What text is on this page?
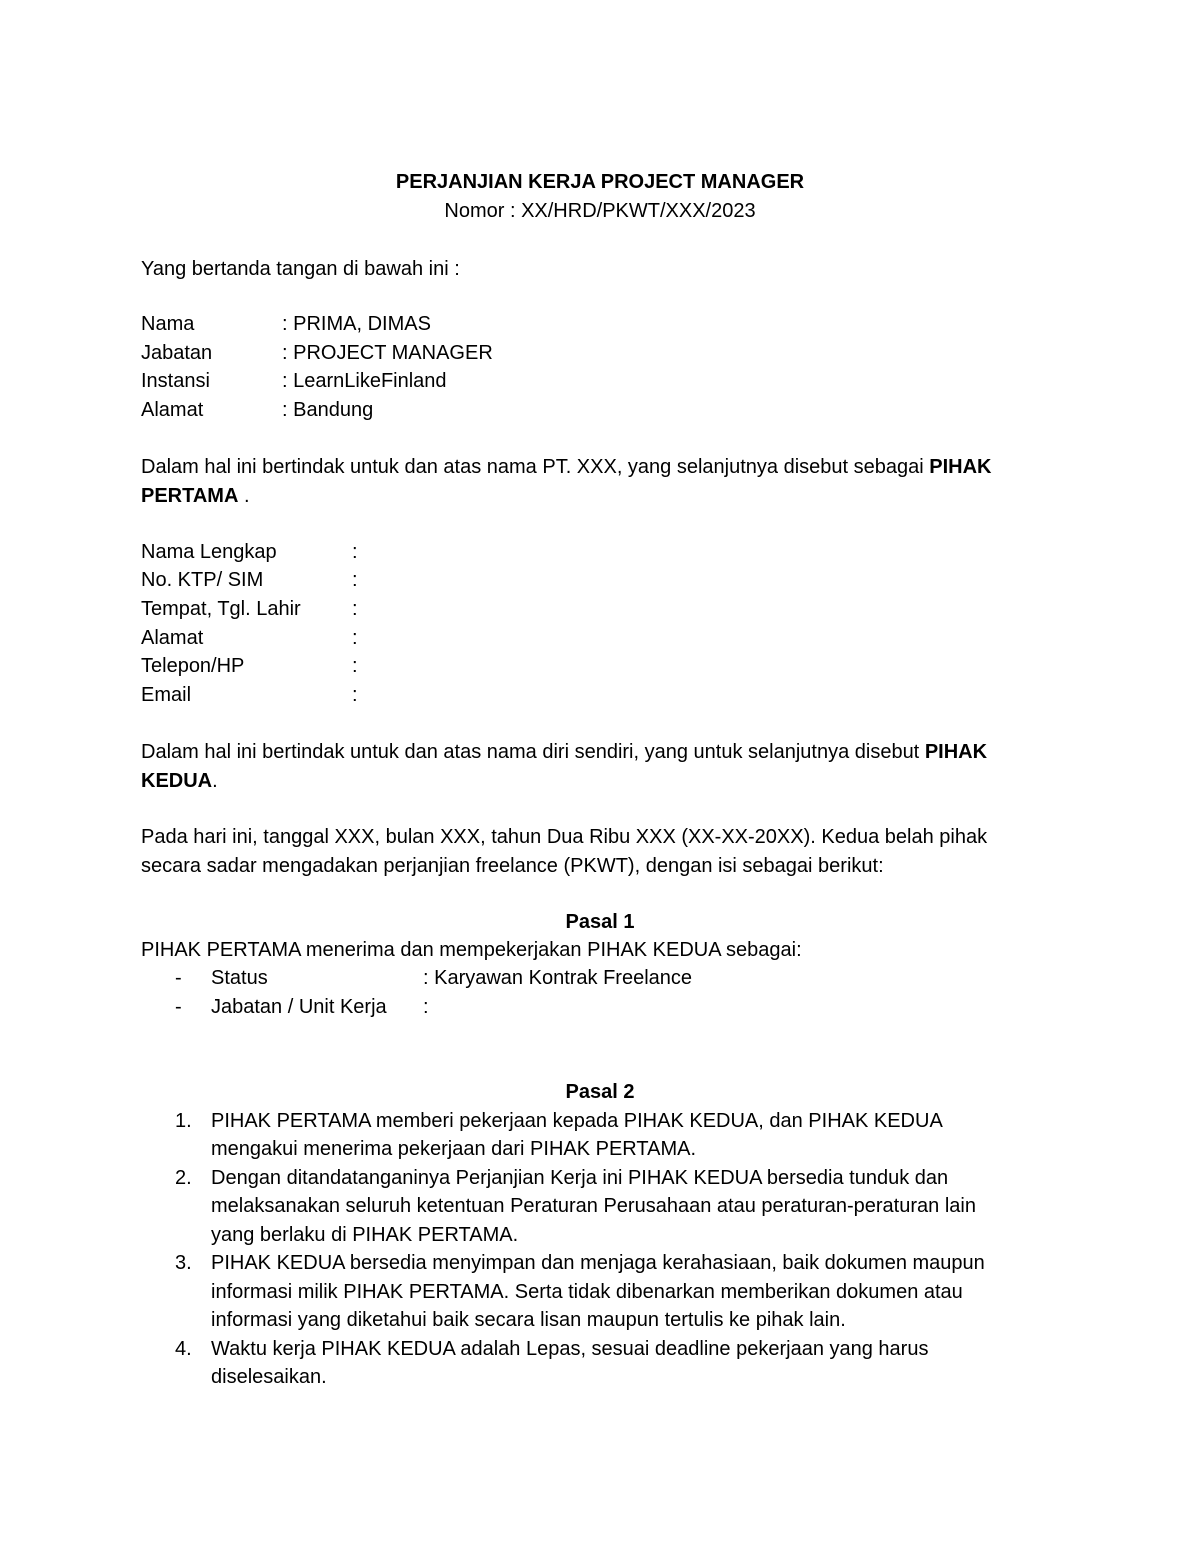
PERJANJIAN KERJA PROJECT MANAGER
Nomor : XX/HRD/PKWT/XXX/2023
Yang bertanda tangan di bawah ini :
Nama	: PRIMA, DIMAS
Jabatan	: PROJECT MANAGER
Instansi	: LearnLikeFinland
Alamat	: Bandung
Dalam hal ini bertindak untuk dan atas nama PT. XXX, yang selanjutnya disebut sebagai PIHAK
PERTAMA .
Nama Lengkap	:
No. KTP/ SIM	:
Tempat, Tgl. Lahir	:
Alamat	:
Telepon/HP	:
Email	:
Dalam hal ini bertindak untuk dan atas nama diri sendiri, yang untuk selanjutnya disebut PIHAK
KEDUA.
Pada hari ini, tanggal XXX, bulan XXX, tahun Dua Ribu XXX (XX-XX-20XX). Kedua belah pihak
secara sadar mengadakan perjanjian freelance (PKWT), dengan isi sebagai berikut:
Pasal 1
PIHAK PERTAMA menerima dan mempekerjakan PIHAK KEDUA sebagai:
- Status	: Karyawan Kontrak Freelance
- Jabatan / Unit Kerja :
Pasal 2
1. PIHAK PERTAMA memberi pekerjaan kepada PIHAK KEDUA, dan PIHAK KEDUA
mengakui menerima pekerjaan dari PIHAK PERTAMA.
2. Dengan ditandatanganinya Perjanjian Kerja ini PIHAK KEDUA bersedia tunduk dan
melaksanakan seluruh ketentuan Peraturan Perusahaan atau peraturan-peraturan lain
yang berlaku di PIHAK PERTAMA.
3. PIHAK KEDUA bersedia menyimpan dan menjaga kerahasiaan, baik dokumen maupun
informasi milik PIHAK PERTAMA. Serta tidak dibenarkan memberikan dokumen atau
informasi yang diketahui baik secara lisan maupun tertulis ke pihak lain.
4. Waktu kerja PIHAK KEDUA adalah Lepas, sesuai deadline pekerjaan yang harus
diselesaikan.
